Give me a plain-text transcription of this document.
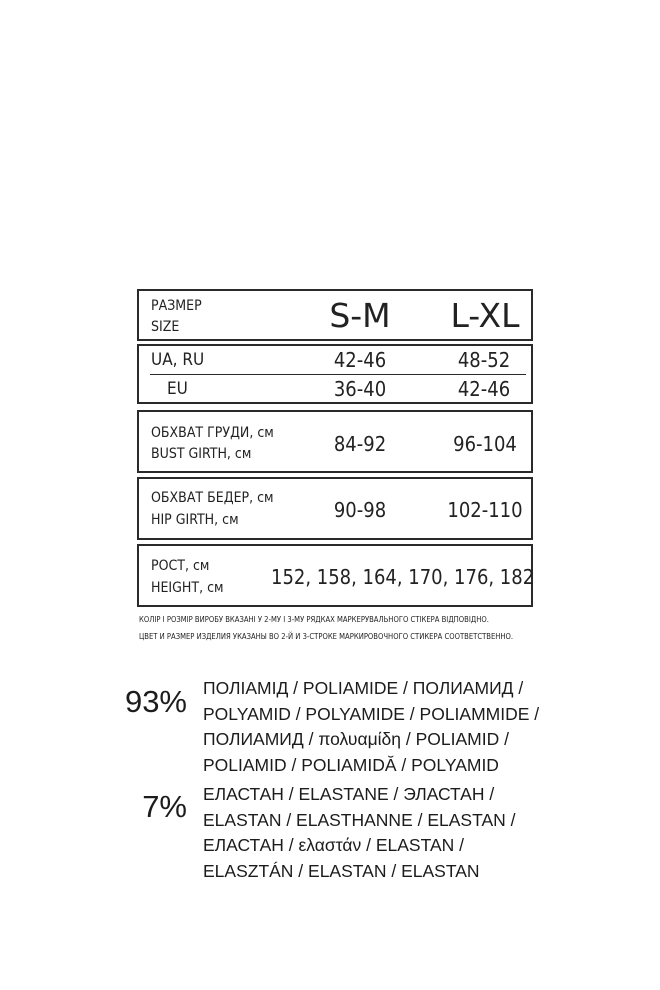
РАЗМЕР
SIZE	S-M	L-XL
UA, RU	42-46	48-52
EU	36-40	42-46
ОБХВАТ ГРУДИ, см
BUST GIRTH, см	84-92	96-104
ОБХВАТ БЕДЕР, см
HIP GIRTH, см	90-98	102-110
РОСТ, см
HEIGHT, см 152, 158, 164, 170, 176, 182
КОЛІР І РОЗМІР ВИРОБУ ВКАЗАНІ У 2-МУ І 3-МУ РЯДКАХ МАРКЕРУВАЛЬНОГО СТІКЕРА ВІДПОВІДНО.
ЦВЕТ И РАЗМЕР ИЗДЕЛИЯ УКАЗАНЫ ВО 2-Й И 3-СТРОКЕ МАРКИРОВОЧНОГО СТИКЕРА СООТВЕТСТВЕННО.
93% ПОЛІАМІД / POLIAMIDE / ПОЛИАМИД /
POLYAMID / POLYAMIDE / POLIAMMIDE /
ПОЛИАМИД / πολυαμίδη / POLIAMID /
POLIAMID / POLIAMIDĂ / POLYAMID
7% ЕЛАСТАН / ELASTANE / ЭЛАСТАН /
ELASTAN / ELASTHANNE / ELASTAN /
ЕЛАСТАН / ελαστάν / ELASTAN /
ELASZTÁN / ELASTAN / ELASTAN
